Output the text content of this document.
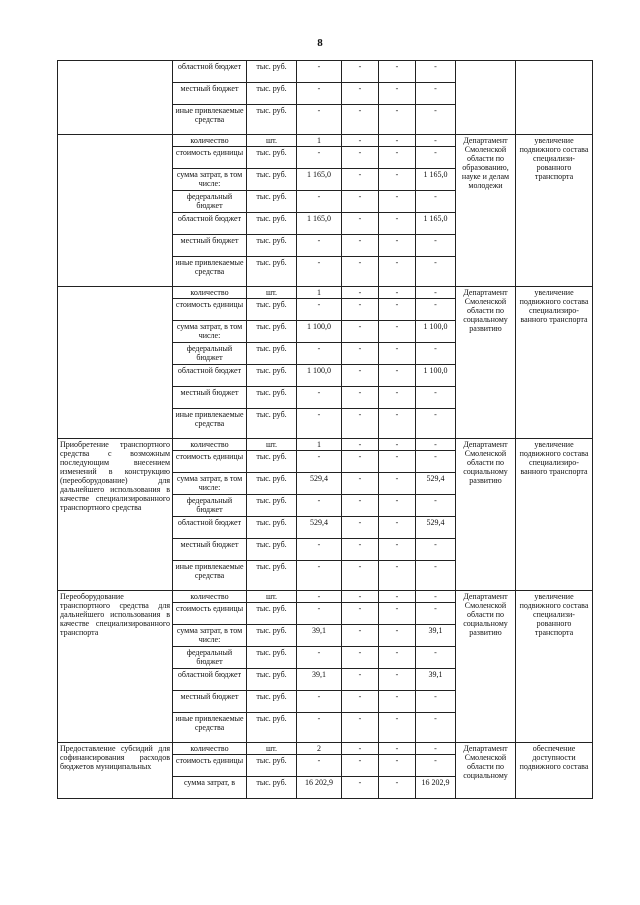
8
	областной бюджет	тыс. руб.	-	-	-	-		
	местный бюджет	тыс. руб.	-	-	-	-		
	иные привлекаемые средства	тыс. руб.	-	-	-	-		
	количество	шт.	1	-	-	-	Департамент Смоленской области по образованию, науке и делам молодежи	увеличение подвижного состава специализи-рованного транспорта
	стоимость единицы	тыс. руб.	-	-	-	-		
	сумма затрат, в том числе:	тыс. руб.	1 165,0	-	-	1 165,0		
	федеральный бюджет	тыс. руб.	-	-	-	-		
	областной бюджет	тыс. руб.	1 165,0	-	-	1 165,0		
	местный бюджет	тыс. руб.	-	-	-	-		
	иные привлекаемые средства	тыс. руб.	-	-	-	-		
	количество	шт.	1	-	-	-	Департамент Смоленской области по социальному развитию	увеличение подвижного состава специализиро-ванного транспорта
	стоимость единицы	тыс. руб.	-	-	-	-		
	сумма затрат, в том числе:	тыс. руб.	1 100,0	-	-	1 100,0		
	федеральный бюджет	тыс. руб.	-	-	-	-		
	областной бюджет	тыс. руб.	1 100,0	-	-	1 100,0		
	местный бюджет	тыс. руб.	-	-	-	-		
	иные привлекаемые средства	тыс. руб.	-	-	-	-		
Приобретение транспортного средства с возможным последующим внесением изменений в конструкцию (переоборудование) для дальнейшего использования в качестве специализированного транспортного средства	количество	шт.	1	-	-	-	Департамент Смоленской области по социальному развитию	увеличение подвижного состава специализиро-ванного транспорта
	стоимость единицы	тыс. руб.	-	-	-	-		
	сумма затрат, в том числе:	тыс. руб.	529,4	-	-	529,4		
	федеральный бюджет	тыс. руб.	-	-	-	-		
	областной бюджет	тыс. руб.	529,4	-	-	529,4		
	местный бюджет	тыс. руб.	-	-	-	-		
	иные привлекаемые средства	тыс. руб.	-	-	-	-		
Переоборудование транспортного средства для дальнейшего использования в качестве специализированного транспорта	количество	шт.	-	-	-	-	Департамент Смоленской области по социальному развитию	увеличение подвижного состава специализи-рованного транспорта
	стоимость единицы	тыс. руб.	-	-	-	-		
	сумма затрат, в том числе:	тыс. руб.	39,1	-	-	39,1		
	федеральный бюджет	тыс. руб.	-	-	-	-		
	областной бюджет	тыс. руб.	39,1	-	-	39,1		
	местный бюджет	тыс. руб.	-	-	-	-		
	иные привлекаемые средства	тыс. руб.	-	-	-	-		
Предоставление субсидий для софинансирования расходов бюджетов муниципальных	количество	шт.	2	-	-	-	Департамент Смоленской области по социальному	обеспечение доступности подвижного состава
	стоимость единицы	тыс. руб.	-	-	-	-		
	сумма затрат, в	тыс. руб.	16 202,9	-	-	16 202,9		
